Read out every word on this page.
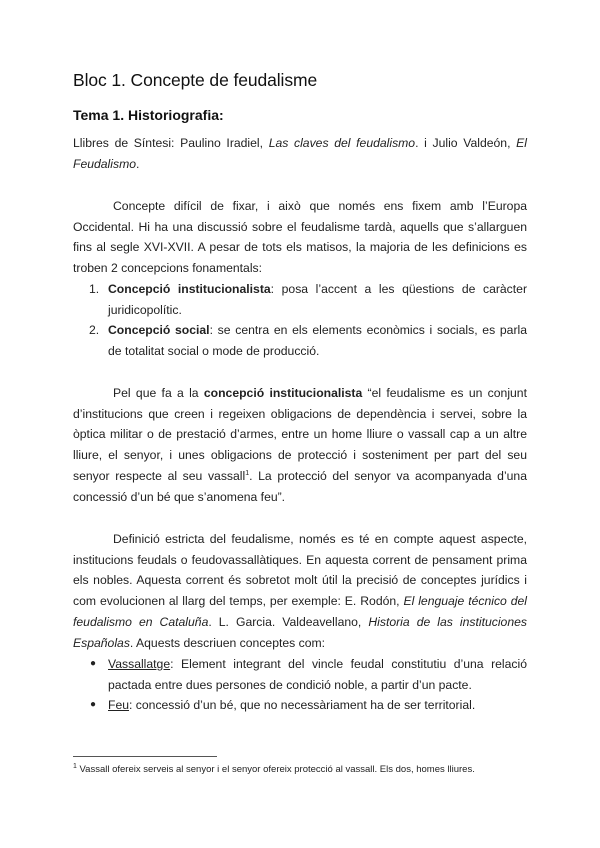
Bloc 1. Concepte de feudalisme
Tema 1. Historiografia:

Llibres de Síntesi: Paulino Iradiel, Las claves del feudalismo. i Julio Valdeón, El Feudalismo.

Concepte difícil de fixar, i això que només ens fixem amb l’Europa Occidental. Hi ha una discussió sobre el feudalisme tardà, aquells que s’allarguen fins al segle XVI-XVII. A pesar de tots els matisos, la majoria de les definicions es troben 2 concepcions fonamentals:

1. Concepció institucionalista: posa l’accent a les qüestions de caràcter juridicopolític.
2. Concepció social: se centra en els elements econòmics i socials, es parla de totalitat social o mode de producció.

Pel que fa a la concepció institucionalista “el feudalisme es un conjunt d’institucions que creen i regeixen obligacions de dependència i servei, sobre la òptica militar o de prestació d’armes, entre un home lliure o vassall cap a un altre lliure, el senyor, i unes obligacions de protecció i sosteniment per part del seu senyor respecte al seu vassall$^1$. La protecció del senyor va acompanyada d’una concessió d’un bé que s’anomena feu”.

Definició estricta del feudalisme, només es té en compte aquest aspecte, institucions feudals o feudovassallàtiques. En aquesta corrent de pensament prima els nobles. Aquesta corrent és sobretot molt útil la precisió de conceptes jurídics i com evolucionen al llarg del temps, per exemple: E. Rodón, El lenguaje técnico del feudalismo en Cataluña. L. Garcia. Valdeavellano, Historia de las instituciones Españolas. Aquests descriuen conceptes com:

● Vassallatge: Element integrant del vincle feudal constitutiu d’una relació pactada entre dues persones de condició noble, a partir d’un pacte.
● Feu: concessió d’un bé, que no necessàriament ha de ser territorial.

$^1$ Vassall ofereix serveis al senyor i el senyor ofereix protecció al vassall. Els dos, homes lliures.
